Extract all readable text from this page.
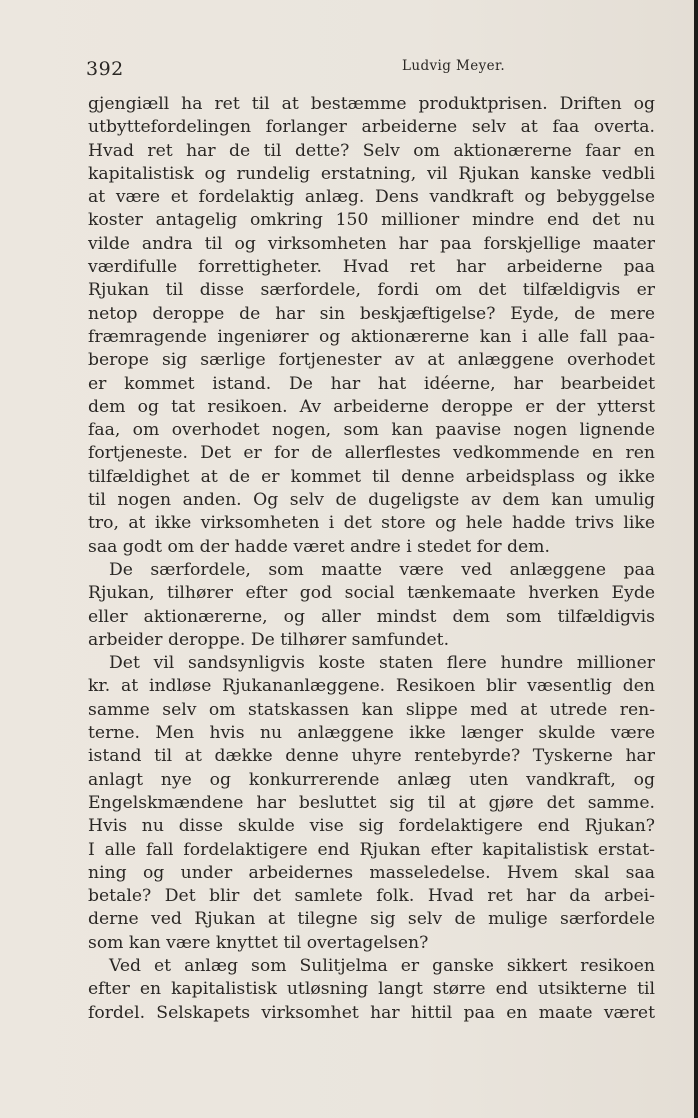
392	Ludvig Meyer.
gjengiæll ha ret til at bestæmme produktprisen. Driften og
utbyttefordelingen forlanger arbeiderne selv at faa overta.
Hvad ret har de til dette? Selv om aktionærerne faar en
kapitalistisk og rundelig erstatning, vil Rjukan kanske vedbli
at være et fordelaktig anlæg. Dens vandkraft og bebyggelse
koster antagelig omkring 150 millioner mindre end det nu
vilde andra til og virksomheten har paa forskjellige maater
værdifulle forrettigheter. Hvad ret har arbeiderne paa
Rjukan til disse særfordele, fordi om det tilfældigvis er
netop deroppe de har sin beskjæftigelse? Eyde, de mere
fræmragende ingeniører og aktionærerne kan i alle fall paa-
berope sig særlige fortjenester av at anlæggene overhodet
er kommet istand. De har hat idéerne, har bearbeidet
dem og tat resikoen. Av arbeiderne deroppe er der ytterst
faa, om overhodet nogen, som kan paavise nogen lignende
fortjeneste. Det er for de allerflestes vedkommende en ren
tilfældighet at de er kommet til denne arbeidsplass og ikke
til nogen anden. Og selv de dugeligste av dem kan umulig
tro, at ikke virksomheten i det store og hele hadde trivs like
saa godt om der hadde været andre i stedet for dem.
De særfordele, som maatte være ved anlæggene paa
Rjukan, tilhører efter god social tænkemaate hverken Eyde
eller aktionærerne, og aller mindst dem som tilfældigvis
arbeider deroppe. De tilhører samfundet.
Det vil sandsynligvis koste staten flere hundre millioner
kr. at indløse Rjukananlæggene. Resikoen blir væsentlig den
samme selv om statskassen kan slippe med at utrede ren-
terne. Men hvis nu anlæggene ikke længer skulde være
istand til at dække denne uhyre rentebyrde? Tyskerne har
anlagt nye og konkurrerende anlæg uten vandkraft, og
Engelskmændene har besluttet sig til at gjøre det samme.
Hvis nu disse skulde vise sig fordelaktigere end Rjukan?
I alle fall fordelaktigere end Rjukan efter kapitalistisk erstat-
ning og under arbeidernes masseledelse. Hvem skal saa
betale? Det blir det samlete folk. Hvad ret har da arbei-
derne ved Rjukan at tilegne sig selv de mulige særfordele
som kan være knyttet til overtagelsen?
Ved et anlæg som Sulitjelma er ganske sikkert resikoen
efter en kapitalistisk utløsning langt større end utsikterne til
fordel. Selskapets virksomhet har hittil paa en maate været
